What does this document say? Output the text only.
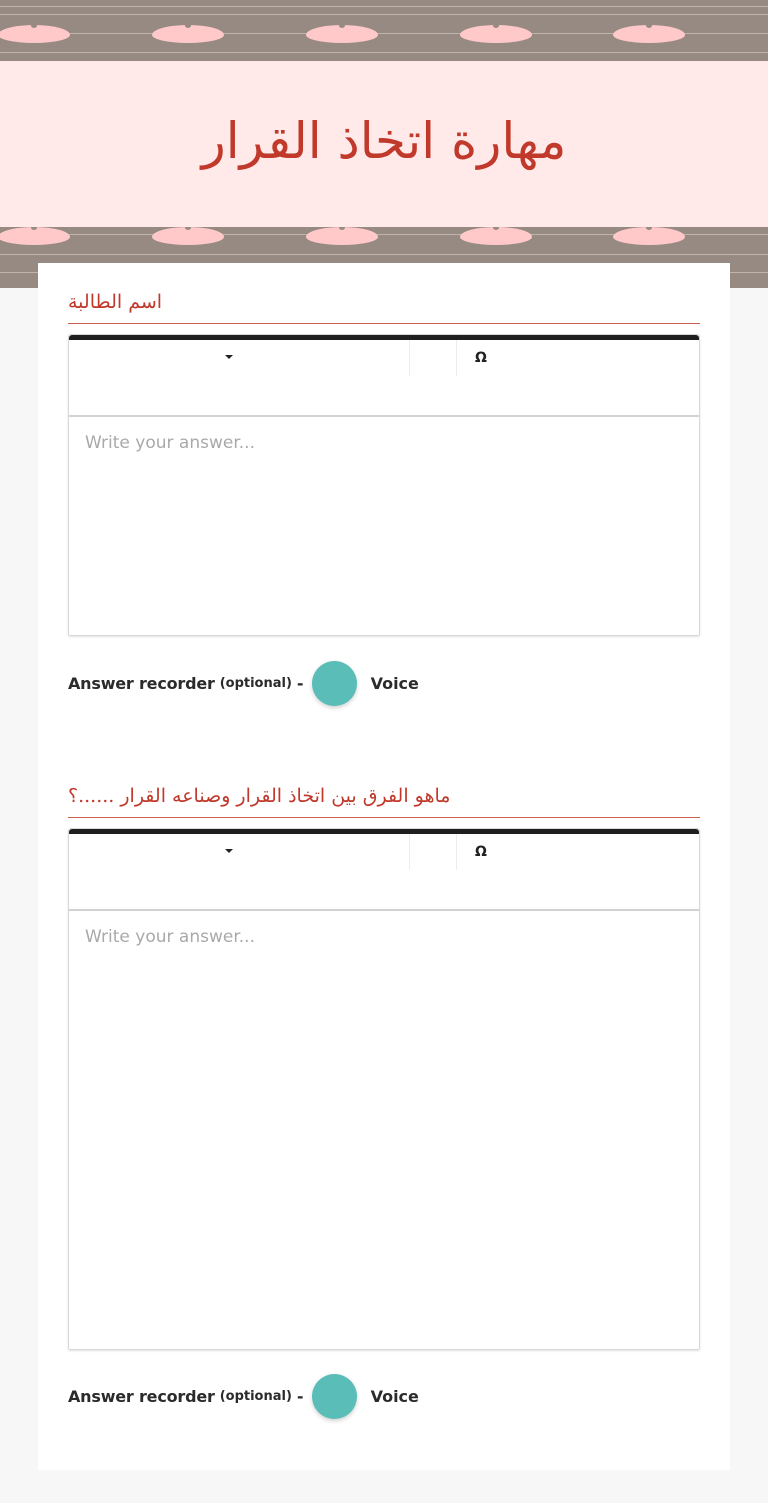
مهارة اتخاذ القرار
اسم الطالبة
Ω
Write your answer...
Answer recorder (optional) -	Voice
ماهو الفرق بين اتخاذ القرار وصناعه القرار ......؟
Ω
Write your answer...
Answer recorder (optional) -	Voice
